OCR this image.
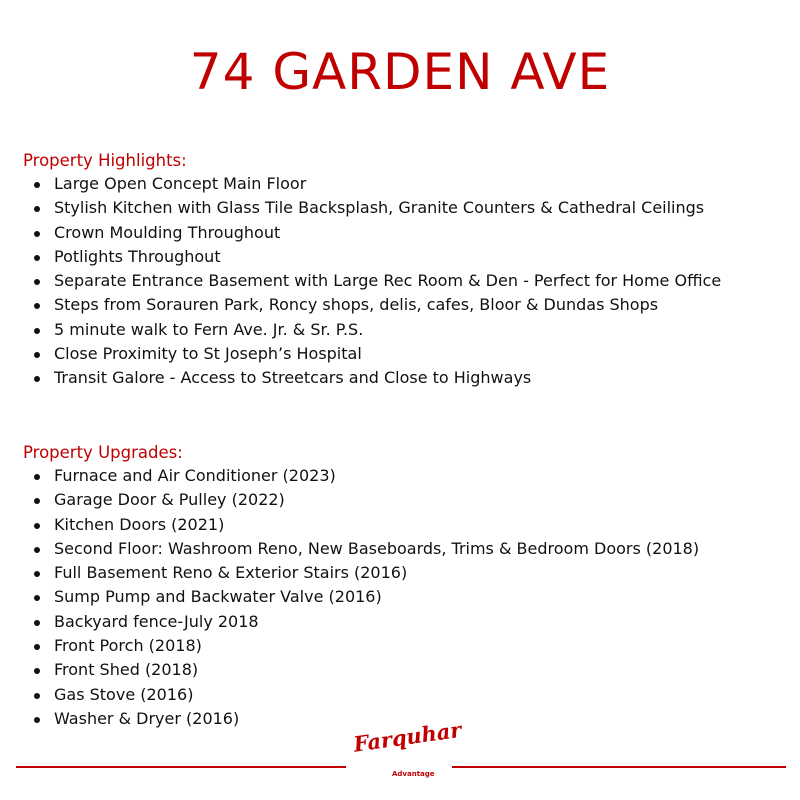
74 GARDEN AVE
Property Highlights:
Large Open Concept Main Floor
Stylish Kitchen with Glass Tile Backsplash, Granite Counters & Cathedral Ceilings
Crown Moulding Throughout
Potlights Throughout
Separate Entrance Basement with Large Rec Room & Den - Perfect for Home Office
Steps from Sorauren Park, Roncy shops, delis, cafes, Bloor & Dundas Shops
5 minute walk to Fern Ave. Jr. & Sr. P.S.
Close Proximity to St Joseph’s Hospital
Transit Galore - Access to Streetcars and Close to Highways
Property Upgrades:
Furnace and Air Conditioner (2023)
Garage Door & Pulley (2022)
Kitchen Doors (2021)
Second Floor: Washroom Reno, New Baseboards, Trims & Bedroom Doors (2018)
Full Basement Reno & Exterior Stairs (2016)
Sump Pump and Backwater Valve (2016)
Backyard fence-July 2018
Front Porch (2018)
Front Shed (2018)
Gas Stove (2016)
Washer & Dryer (2016)	Farquhar
Advantage
